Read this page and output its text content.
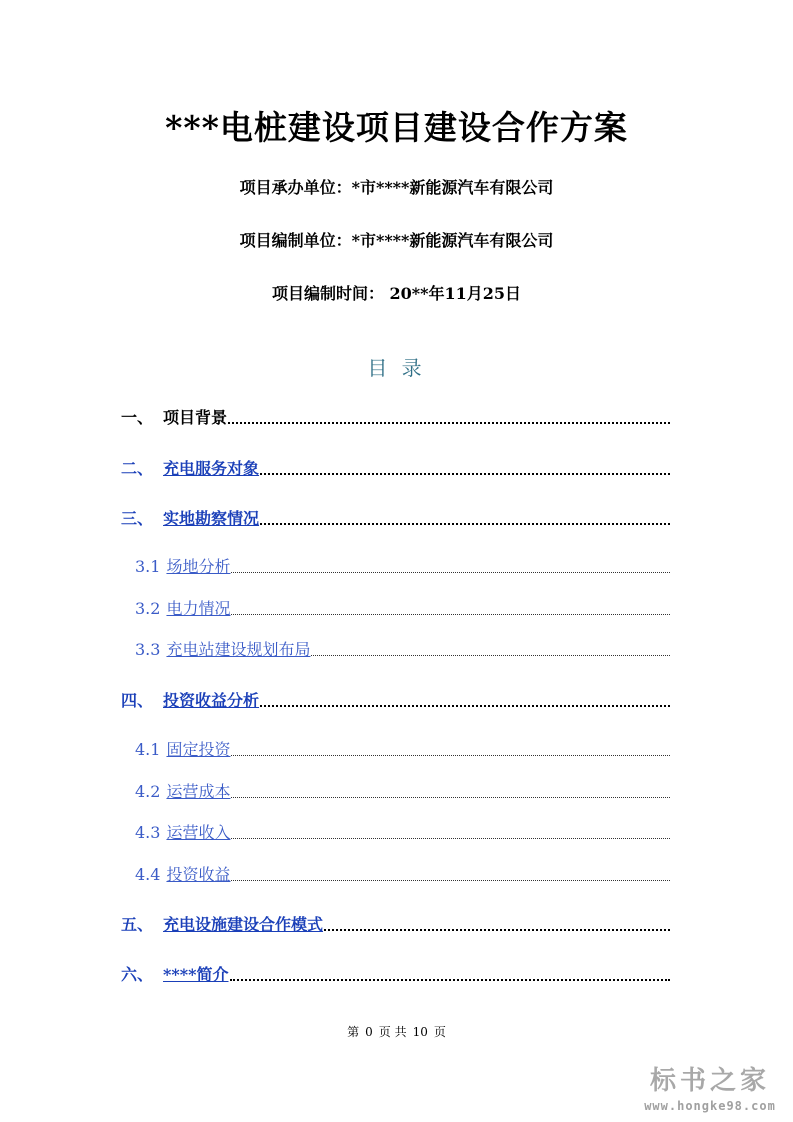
***电桩建设项目建设合作方案
项目承办单位：*市****新能源汽车有限公司
项目编制单位：*市****新能源汽车有限公司
项目编制时间： 20**年11月25日
目 录
一、 项目背景
二、 充电服务对象
三、 实地勘察情况
3.1 场地分析
3.2 电力情况
3.3 充电站建设规划布局
四、 投资收益分析
4.1 固定投资
4.2 运营成本
4.3 运营收入
4.4 投资收益
五、 充电设施建设合作模式
六、 ****简介
第 0 页 共 10 页
标书之家
www.hongke98.com
